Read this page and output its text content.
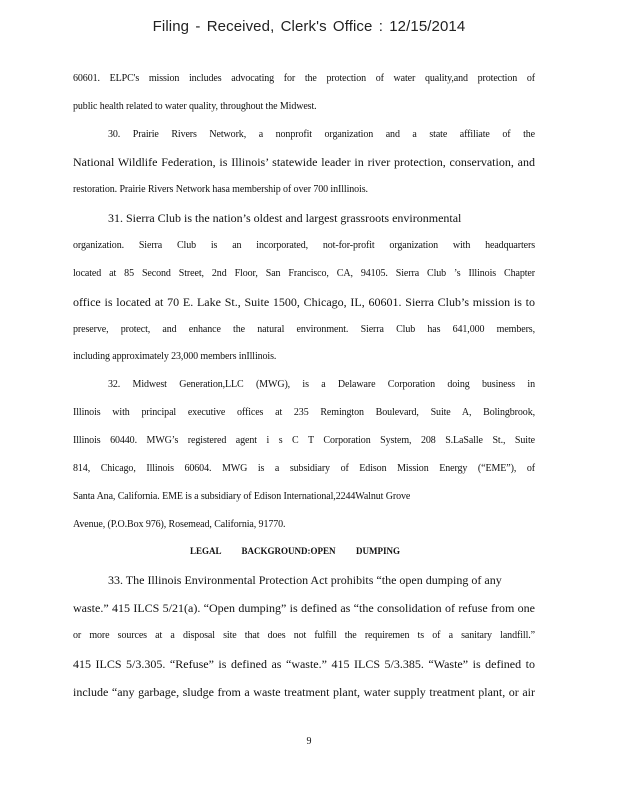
Filing - Received, Clerk's Office : 12/15/2014
60601. ELPC's mission includes advocating for the protection of water quality,and protection of
public health related to water quality, throughout the Midwest.
30. Prairie Rivers Network, a nonprofit organization and a state affiliate of the
National Wildlife Federation, is Illinois’ statewide leader in river protection, conservation, and
restoration. Prairie Rivers Network hasa membership of over 700 inIllinois.
31. Sierra Club is the nation’s oldest and largest grassroots environmental
organization. Sierra Club is an incorporated, not-for-profit organization with headquarters
located at 85 Second Street, 2nd Floor, San Francisco, CA, 94105. Sierra Club ’s Illinois Chapter
office is located at 70 E. Lake St., Suite 1500, Chicago, IL, 60601. Sierra Club’s mission is to
preserve, protect, and enhance the natural environment. Sierra Club has 641,000 members,
including approximately 23,000 members inIllinois.
32. Midwest Generation,LLC (MWG), is a Delaware Corporation doing business in
Illinois with principal executive offices at 235 Remington Boulevard, Suite A, Bolingbrook,
Illinois 60440. MWG’s registered agent i s C T Corporation System, 208 S.LaSalle St., Suite
814, Chicago, Illinois 60604. MWG is a subsidiary of Edison Mission Energy (“EME”), of
Santa Ana, California. EME is a subsidiary of Edison International,2244Walnut Grove
Avenue, (P.O.Box 976), Rosemead, California, 91770.
LEGAL BACKGROUND:OPEN DUMPING
33. The Illinois Environmental Protection Act prohibits “the open dumping of any
waste.” 415 ILCS 5/21(a). “Open dumping” is defined as “the consolidation of refuse from one
or more sources at a disposal site that does not fulfill the requiremen ts of a sanitary landfill.”
415 ILCS 5/3.305. “Refuse” is defined as “waste.” 415 ILCS 5/3.385. “Waste” is defined to
include “any garbage, sludge from a waste treatment plant, water supply treatment plant, or air
9
